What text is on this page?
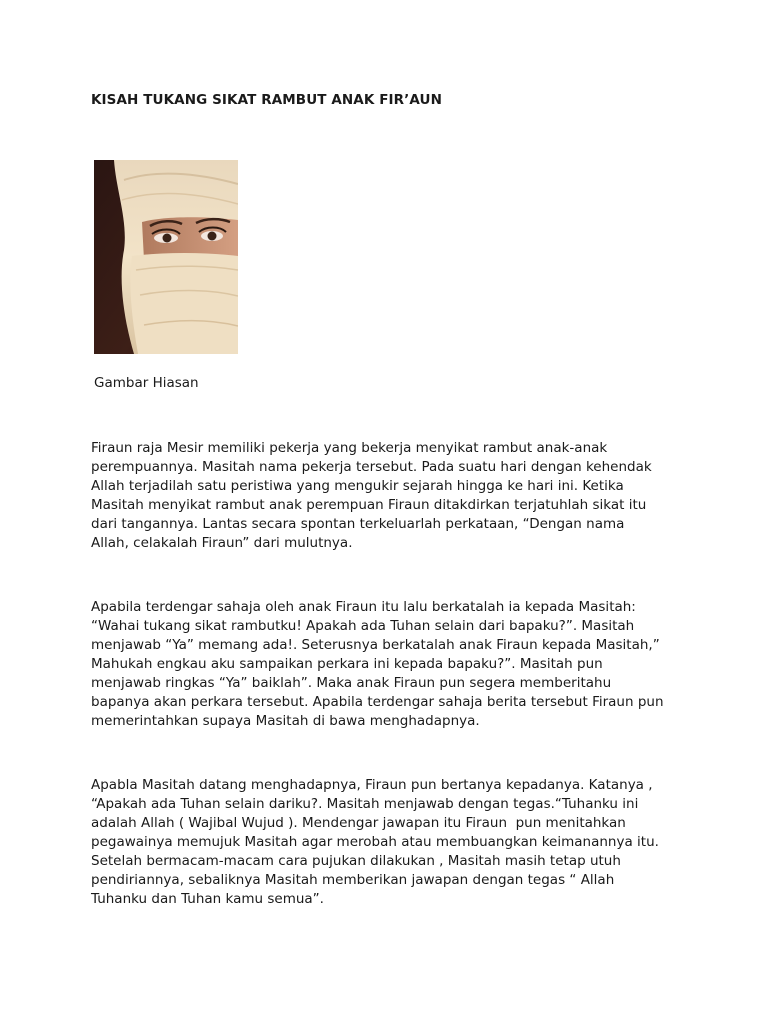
KISAH TUKANG SIKAT RAMBUT ANAK FIR’AUN
Gambar Hiasan
Firaun raja Mesir memiliki pekerja yang bekerja menyikat rambut anak-anak
perempuannya. Masitah nama pekerja tersebut. Pada suatu hari dengan kehendak
Allah terjadilah satu peristiwa yang mengukir sejarah hingga ke hari ini. Ketika
Masitah menyikat rambut anak perempuan Firaun ditakdirkan terjatuhlah sikat itu
dari tangannya. Lantas secara spontan terkeluarlah perkataan, “Dengan nama
Allah, celakalah Firaun” dari mulutnya.
Apabila terdengar sahaja oleh anak Firaun itu lalu berkatalah ia kepada Masitah:
“Wahai tukang sikat rambutku! Apakah ada Tuhan selain dari bapaku?”. Masitah
menjawab “Ya” memang ada!. Seterusnya berkatalah anak Firaun kepada Masitah,”
Mahukah engkau aku sampaikan perkara ini kepada bapaku?”. Masitah pun
menjawab ringkas “Ya” baiklah”. Maka anak Firaun pun segera memberitahu
bapanya akan perkara tersebut. Apabila terdengar sahaja berita tersebut Firaun pun
memerintahkan supaya Masitah di bawa menghadapnya.
Apabla Masitah datang menghadapnya, Firaun pun bertanya kepadanya. Katanya ,
“Apakah ada Tuhan selain dariku?. Masitah menjawab dengan tegas.“Tuhanku ini
adalah Allah ( Wajibal Wujud ). Mendengar jawapan itu Firaun  pun menitahkan
pegawainya memujuk Masitah agar merobah atau membuangkan keimanannya itu.
Setelah bermacam-macam cara pujukan dilakukan , Masitah masih tetap utuh
pendiriannya, sebaliknya Masitah memberikan jawapan dengan tegas “ Allah
Tuhanku dan Tuhan kamu semua”.
